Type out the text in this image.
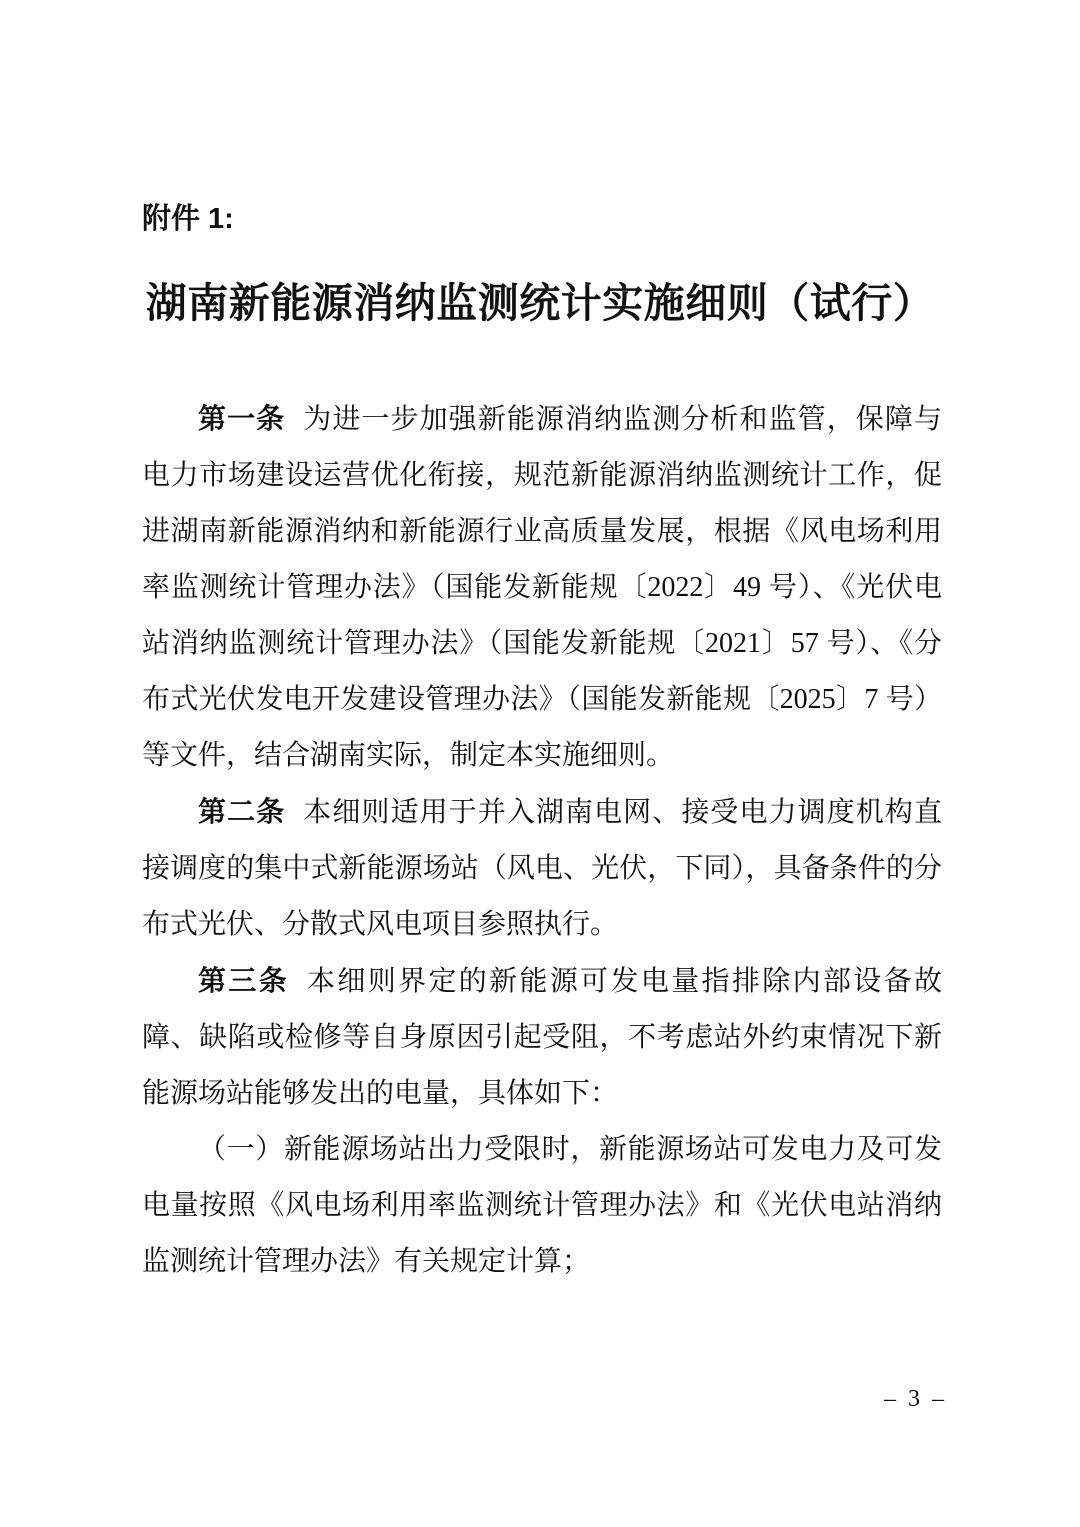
附件 1:
湖南新能源消纳监测统计实施细则（试行）

第一条 为进一步加强新能源消纳监测分析和监管，保障与电力市场建设运营优化衔接，规范新能源消纳监测统计工作，促进湖南新能源消纳和新能源行业高质量发展，根据《风电场利用率监测统计管理办法》（国能发新能规〔2022〕49 号）、《光伏电站消纳监测统计管理办法》（国能发新能规〔2021〕57 号）、《分布式光伏发电开发建设管理办法》（国能发新能规〔2025〕7 号）等文件，结合湖南实际，制定本实施细则。

第二条 本细则适用于并入湖南电网、接受电力调度机构直接调度的集中式新能源场站（风电、光伏，下同），具备条件的分布式光伏、分散式风电项目参照执行。

第三条 本细则界定的新能源可发电量指排除内部设备故障、缺陷或检修等自身原因引起受阻，不考虑站外约束情况下新能源场站能够发出的电量，具体如下：

（一）新能源场站出力受限时，新能源场站可发电力及可发电量按照《风电场利用率监测统计管理办法》和《光伏电站消纳监测统计管理办法》有关规定计算；

– 3 –
